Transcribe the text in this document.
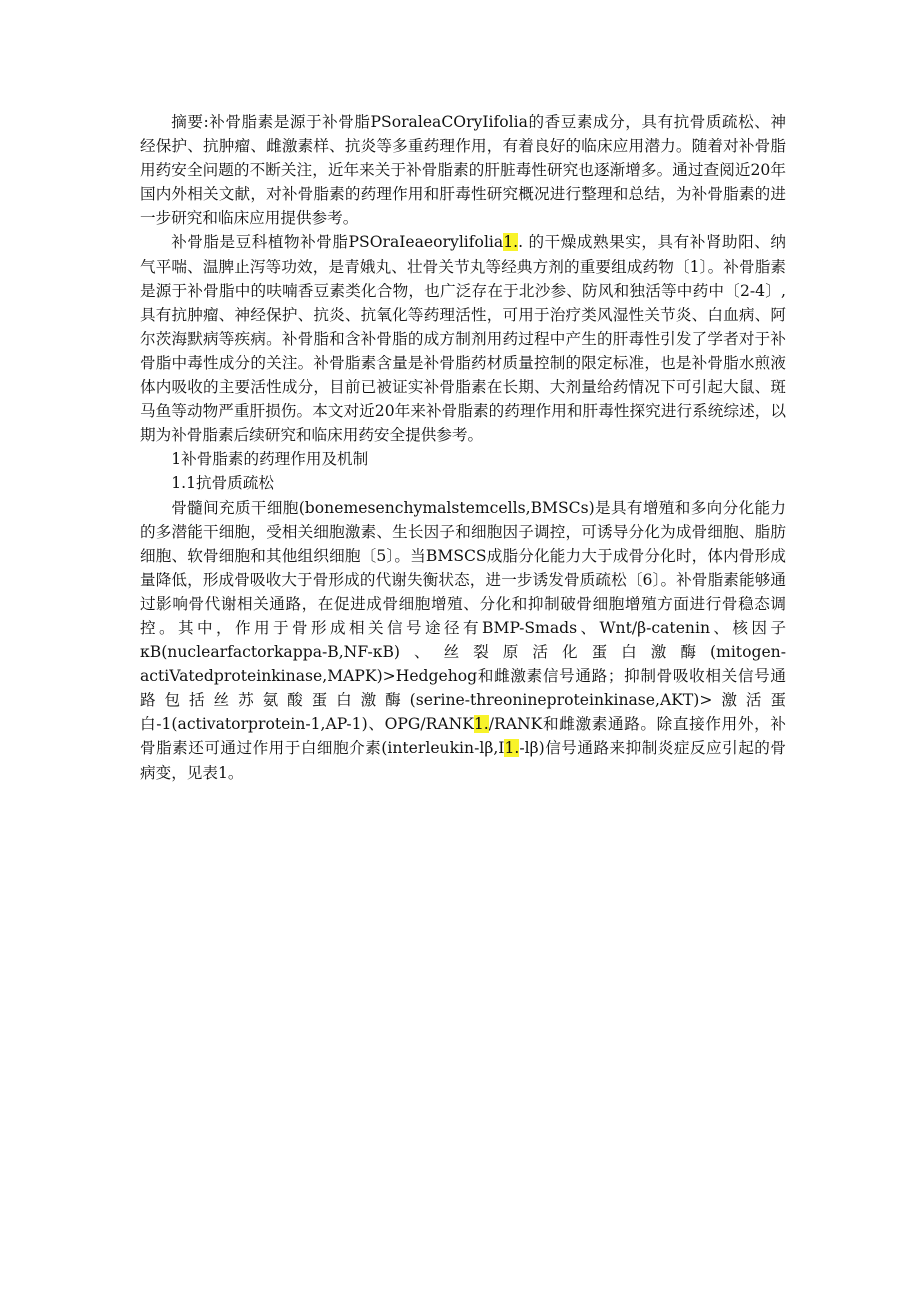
摘要:补骨脂素是源于补骨脂PSoraleaCOryIifolia的香豆素成分，具有抗骨质疏松、神经保护、抗肿瘤、雌激素样、抗炎等多重药理作用，有着良好的临床应用潜力。随着对补骨脂用药安全问题的不断关注，近年来关于补骨脂素的肝脏毒性研究也逐渐增多。通过查阅近20年国内外相关文献，对补骨脂素的药理作用和肝毒性研究概况进行整理和总结，为补骨脂素的进一步研究和临床应用提供参考。

补骨脂是豆科植物补骨脂PSOraIeaeorylifolia1.. 的干燥成熟果实，具有补肾助阳、纳气平喘、温脾止泻等功效，是青娥丸、壮骨关节丸等经典方剂的重要组成药物〔1〕。补骨脂素是源于补骨脂中的呋喃香豆素类化合物，也广泛存在于北沙参、防风和独活等中药中〔2-4〕,具有抗肿瘤、神经保护、抗炎、抗氧化等药理活性，可用于治疗类风湿性关节炎、白血病、阿尔茨海默病等疾病。补骨脂和含补骨脂的成方制剂用药过程中产生的肝毒性引发了学者对于补骨脂中毒性成分的关注。补骨脂素含量是补骨脂药材质量控制的限定标准，也是补骨脂水煎液体内吸收的主要活性成分，目前已被证实补骨脂素在长期、大剂量给药情况下可引起大鼠、斑马鱼等动物严重肝损伤。本文对近20年来补骨脂素的药理作用和肝毒性探究进行系统综述，以期为补骨脂素后续研究和临床用药安全提供参考。

1补骨脂素的药理作用及机制

1.1抗骨质疏松

骨髓间充质干细胞(bonemesenchymalstemcells,BMSCs)是具有增殖和多向分化能力的多潜能干细胞，受相关细胞激素、生长因子和细胞因子调控，可诱导分化为成骨细胞、脂肪细胞、软骨细胞和其他组织细胞〔5〕。当BMSCS成脂分化能力大于成骨分化时，体内骨形成量降低，形成骨吸收大于骨形成的代谢失衡状态，进一步诱发骨质疏松〔6〕。补骨脂素能够通过影响骨代谢相关通路，在促进成骨细胞增殖、分化和抑制破骨细胞增殖方面进行骨稳态调控。其中，作用于骨形成相关信号途径有BMP-Smads、Wnt/β-catenin、核因子κB(nuclearfactorkappa-B,NF-κB)、丝裂原活化蛋白激酶(mitogen-actiVatedproteinkinase,MAPK)>Hedgehog和雌激素信号通路；抑制骨吸收相关信号通路包括丝苏氨酸蛋白激酶(serine-threonineproteinkinase,AKT)>激活蛋白-1(activatorprotein-1,AP-1)、OPG/RANK1./RANK和雌激素通路。除直接作用外，补骨脂素还可通过作用于白细胞介素(interleukin-lβ,I1.-lβ)信号通路来抑制炎症反应引起的骨病变，见表1。
